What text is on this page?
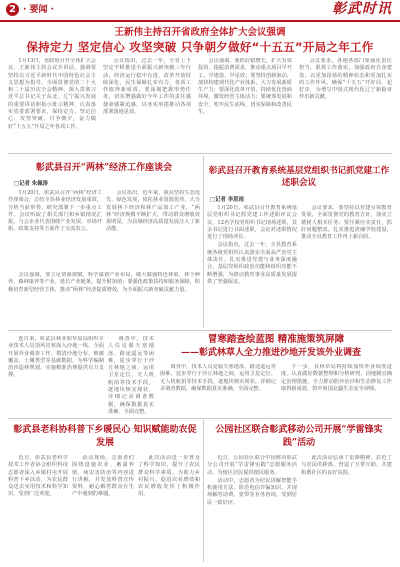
2 · 要闻 ·	彰武时讯
王新伟主持召开省政府全体扩大会议强调
保持定力 坚定信心 攻坚突破 只争朝夕做好“十五五”开局之年工作

1月13日，省政府召开全体扩大会议，王新伟主持会议并讲话，强调要坚持以习近平新时代中国特色社会主义思想为指导，全面贯彻党的二十大和二十届历次全会精神，深入贯彻习近平总书记关于东北、辽宁振兴发展的重要讲话和指示批示精神，认真落实省委部署要求，保持定力、坚定信心，攻坚突破、只争朝夕，奋力做好“十五五”开局之年各项工作。

会议指出，过去一年，全省上下坚定不移推进全面振兴新突破三年行动，经济运行稳中有进，改革开放持续深化，民生保障扎实有力，各项工作取得新成效。要深刻把握形势任务，切实增强做好今年工作的责任感使命感紧迫感，以务实举措推动各项部署落地见效。

会议强调，要抓好稳增长，扩大有效投资，提振消费需求，推动重点项目早开工、早建设、早见效；要坚持创新驱动，加快构建现代化产业体系，大力发展新质生产力；要深化改革开放，持续优化营商环境，激发经营主体活力；要统筹发展和安全，兜牢民生底线，切实保障和改善民生。

会议要求，各地各部门要强化责任担当，狠抓工作落实，加强政府自身建设，以更加昂扬的精神状态和更加扎实的工作作风，确保“十五五”开好局、起好步，为谱写中国式现代化辽宁新篇章作出新贡献。

彰武县召开“两林”经济工作座谈会
□记者 朱佩涛

1月20日，彰武县召开“两林”经济工作座谈会，总结全县林业经济发展成效，分析当前形势，研究部署下一步重点工作。会议听取了相关部门和乡镇情况汇报，与会企业代表围绕产业发展、市场开拓、政策支持等方面作了交流发言。

会议指出，近年来，我县坚持生态优先、绿色发展，依托林业资源优势，大力发展林下经济和林产品加工产业，“两林”经济规模不断扩大，带动群众增收效果明显，为县域经济高质量发展注入了新动能。

会议强调，要立足资源禀赋，科学谋划产业布局，做大做强特色林果、林下种养、森林康养等产业，延长产业链条，提升附加值；要强化政策扶持和服务保障，积极培育新型经营主体，推动“两林”经济提质增效，为全面振兴新突破贡献力量。

彰武县召开教育系统基层党组织书记抓党建工作述职会议
□记者 李思雨

1月20日，彰武县召开教育系统基层党组织书记抓党建工作述职评议会议，12名学校党组织书记现场述职，其余书记进行书面述职，会议对述职情况进行了现场评议。

会议指出，过去一年，全县教育系统各级党组织认真落实全面从严治党主体责任，扎实推进党建与业务深度融合，基层党组织政治功能和组织功能不断增强，为推动教育事业高质量发展提供了坚强保证。

会议要求，要坚持以党建引领教育发展，全面贯彻党的教育方针，落实立德树人根本任务；要压紧压实责任，抓好问题整改，扎实推进清廉学校建设，推动全县教育工作再上新台阶。

冒寒踏查绘蓝图 精准施策筑屏障
——彰武林草人全力推进沙地开发该外业调查

连日来，彰武县林业和草原局组织专业技术人员顶风冒寒深入沙地一线，全面开展外业调查工作，摸清沙地分布、植被覆盖、土壤类型等基础数据，为科学编制治沙造林规划、实施精准治理提供有力支撑。

调查中，技术人员克服天寒地冻、路途遥远等困难，徒步穿行于沙丘林地之间，运用卫星定位、无人机航拍等技术手段，逐地块核实现状，详细记录调查数据，确保数据真实准确、全面完整。

调查中，技术人员克服天寒地冻、路途遥远等困难，徒步穿行于沙丘林地之间，运用卫星定位、无人机航拍等技术手段，逐地块核实现状，详细记录调查数据，确保数据真实准确、全面完整。

下一步，县林草局将持续加快外业调查进度，认真做好数据整理和分析研判，因地制宜确定治理措施，全力推动防沙治沙和生态修复工作取得新成效，筑牢祖国北疆生态安全屏障。

彰武县老科协科普下乡暖民心 知识赋能助农促发展

近日，彰武县老科学技术工作者协会组织科技志愿者深入乡镇村屯开展科普下乡活动，为农民群众送去实用技术和科学知识，受到广泛欢迎。

活动现场，志愿者们围绕设施农业、畜禽养殖、病虫害防治等内容进行讲解，并发放科普宣传资料，耐心解答群众在生产中遇到的难题。

此次活动进一步普及了科学知识，提升了农民群众科学素质，为助力乡村振兴、促进农业增效和农民增收发挥了积极作用。

公园社区联合彰武移动公司开展“学雷锋实践”活动

近日，公园社区联合中国移动彰武分公司开展“学雷锋实践”志愿服务活动，为辖区居民提供便民服务。

活动中，志愿者为居民讲解智能手机使用方法、防范电信诈骗知识，并现场解答话费、宽带等业务咨询，受到居民一致好评。

此次活动弘扬了雷锋精神，拉近了与居民的距离，营造了互帮互助、共建和谐社区的良好氛围。
